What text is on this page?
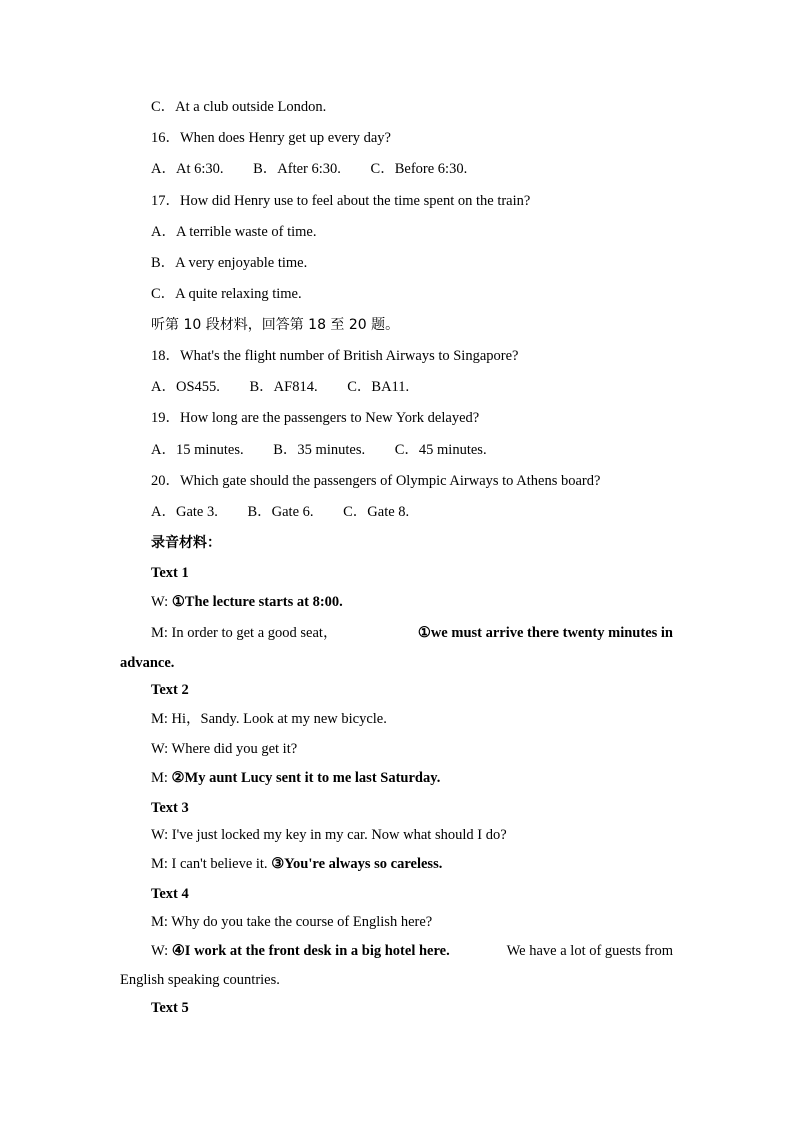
C．At a club outside London.
16．When does Henry get up every day?
A．At 6:30. B．After 6:30. C．Before 6:30.
17．How did Henry use to feel about the time spent on the train?
A．A terrible waste of time.
B．A very enjoyable time.
C．A quite relaxing time.
听第 10 段材料，回答第 18 至 20 题。
18．What's the flight number of British Airways to Singapore?
A．OS455. B．AF814. C．BA11.
19．How long are the passengers to New York delayed?
A．15 minutes. B．35 minutes. C．45 minutes.
20．Which gate should the passengers of Olympic Airways to Athens board?
A．Gate 3. B．Gate 6. C．Gate 8.
录音材料：
Text 1
W: ①The lecture starts at 8:00.
M: In order to get a good seat，	①we must arrive there twenty minutes in
advance.
Text 2
M: Hi，Sandy. Look at my new bicycle.
W: Where did you get it?
M: ②My aunt Lucy sent it to me last Saturday.
Text 3
W: I've just locked my key in my car. Now what should I do?
M: I can't believe it. ③You're always so careless.
Text 4
M: Why do you take the course of English here?
W: ④I work at the front desk in a big hotel here.	We have a lot of guests from
English speaking countries.
Text 5
